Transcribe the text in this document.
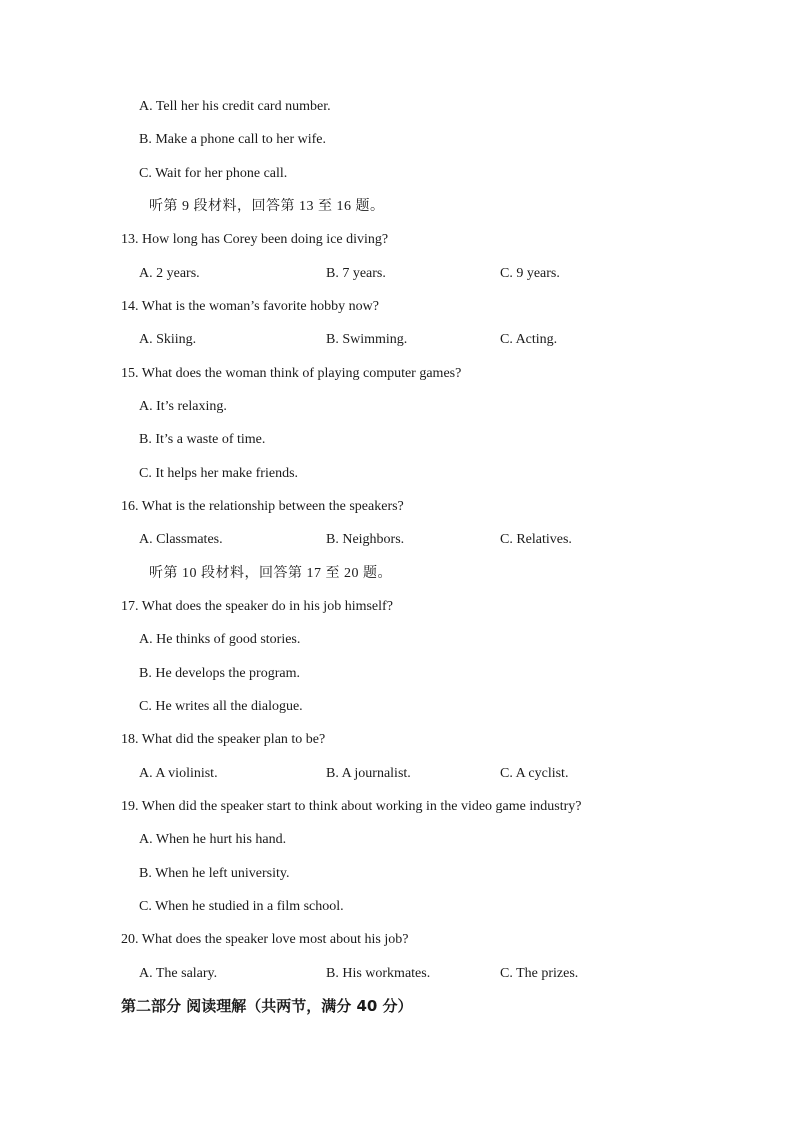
A. Tell her his credit card number.
B. Make a phone call to her wife.
C. Wait for her phone call.
听第 9 段材料，回答第 13 至 16 题。
13. How long has Corey been doing ice diving?
A. 2 years.	B. 7 years.	C. 9 years.
14. What is the woman’s favorite hobby now?
A. Skiing.	B. Swimming.	C. Acting.
15. What does the woman think of playing computer games?
A. It’s relaxing.
B. It’s a waste of time.
C. It helps her make friends.
16. What is the relationship between the speakers?
A. Classmates.	B. Neighbors.	C. Relatives.
听第 10 段材料，回答第 17 至 20 题。
17. What does the speaker do in his job himself?
A. He thinks of good stories.
B. He develops the program.
C. He writes all the dialogue.
18. What did the speaker plan to be?
A. A violinist.	B. A journalist.	C. A cyclist.
19. When did the speaker start to think about working in the video game industry?
A. When he hurt his hand.
B. When he left university.
C. When he studied in a film school.
20. What does the speaker love most about his job?
A. The salary.	B. His workmates.	C. The prizes.
第二部分 阅读理解（共两节，满分 40 分）
